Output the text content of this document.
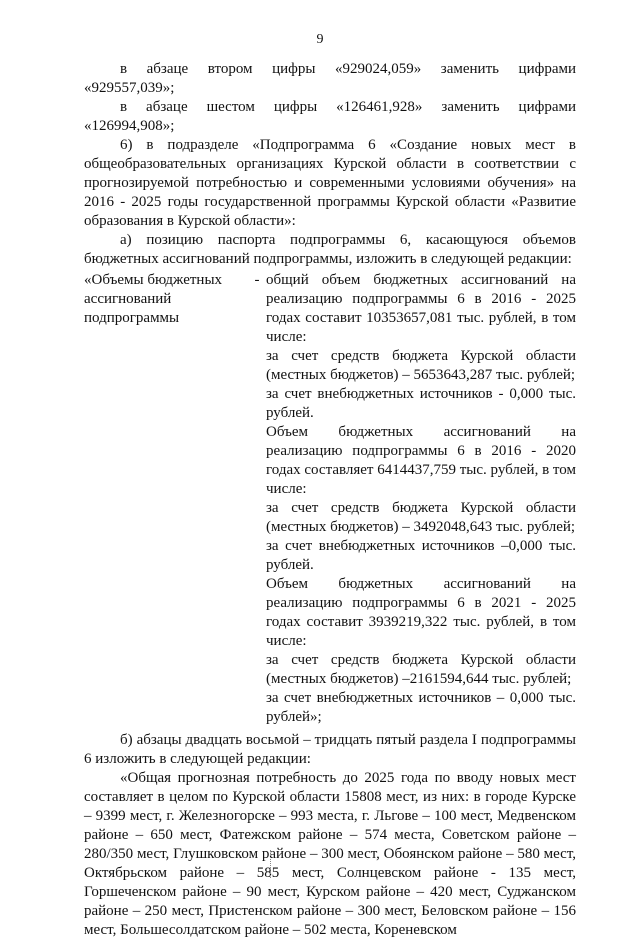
9

в абзаце втором цифры «929024,059» заменить цифрами

«929557,039»;

в абзаце шестом цифры «126461,928» заменить цифрами

«126994,908»;

6) в подразделе «Подпрограмма 6 «Создание новых мест в общеобразовательных организациях Курской области в соответствии с прогнозируемой потребностью и современными условиями обучения» на 2016 - 2025 годы государственной программы Курской области «Развитие образования в Курской области»:

а) позицию паспорта подпрограммы 6, касающуюся объемов бюджетных ассигнований подпрограммы, изложить в следующей редакции:

«Объемы бюджетных ассигнований подпрограммы
- общий объем бюджетных ассигнований на реализацию подпрограммы 6 в 2016 - 2025 годах составит 10353657,081 тыс. рублей, в том числе:

за счет средств бюджета Курской области (местных бюджетов) – 5653643,287 тыс. рублей;

за счет внебюджетных источников - 0,000 тыс. рублей.

Объем бюджетных ассигнований на реализацию подпрограммы 6 в 2016 - 2020 годах составляет 6414437,759 тыс. рублей, в том числе:

за счет средств бюджета Курской области (местных бюджетов) – 3492048,643 тыс. рублей;

за счет внебюджетных источников –0,000 тыс. рублей.

Объем бюджетных ассигнований на реализацию подпрограммы 6 в 2021 - 2025 годах составит 3939219,322 тыс. рублей, в том числе:

за счет средств бюджета Курской области (местных бюджетов) –2161594,644 тыс. рублей;

за счет внебюджетных источников – 0,000 тыс. рублей»;

б) абзацы двадцать восьмой – тридцать пятый раздела I подпрограммы 6 изложить в следующей редакции:

«Общая прогнозная потребность до 2025 года по вводу новых мест составляет в целом по Курской области 15808 мест, из них: в городе Курске – 9399 мест, г. Железногорске – 993 места, г. Льгове – 100 мест, Медвенском районе – 650 мест, Фатежском районе – 574 места, Советском районе – 280/350 мест, Глушковском районе – 300 мест, Обоянском районе – 580 мест, Октябрьском районе – 585 мест, Солнцевском районе - 135 мест, Горшеченском районе – 90 мест, Курском районе – 420 мест, Суджанском районе – 250 мест, Пристенском районе – 300 мест, Беловском районе – 156 мест, Большесолдатском районе – 502 места, Кореневском
